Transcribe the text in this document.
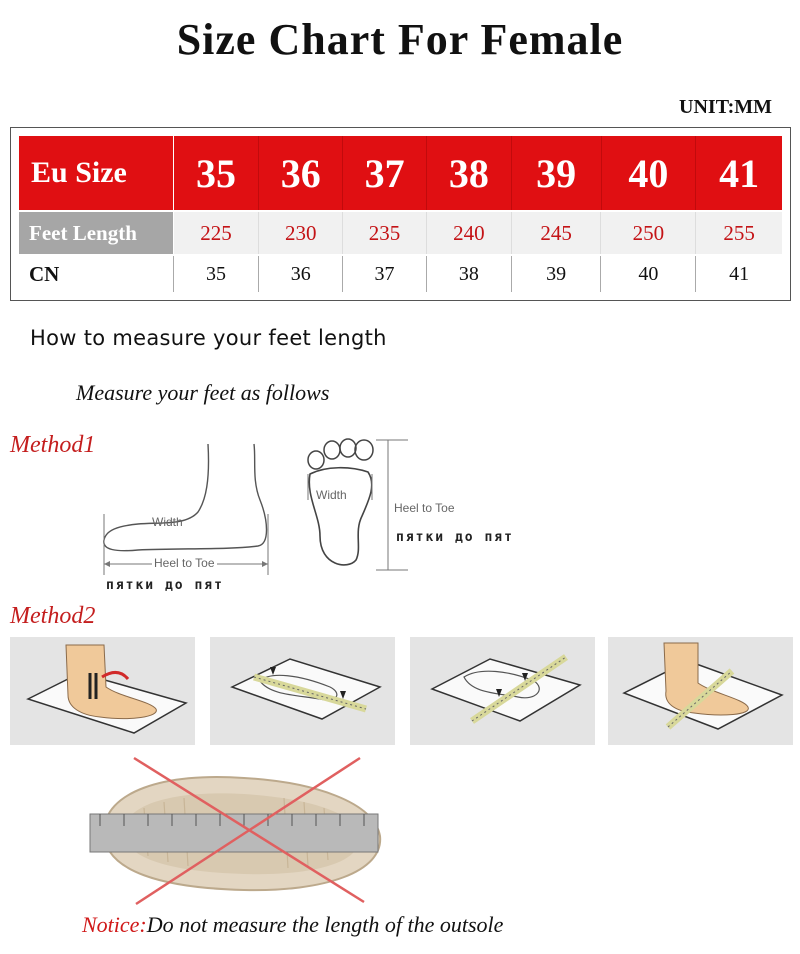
Size Chart For Female
UNIT:MM
Eu Size	35	36	37	38	39	40	41
Feet Length	225	230	235	240	245	250	255
CN	35	36	37	38	39	40	41
How to measure your feet length
Measure your feet as follows
Method1
Width
Heel to Toe
пятки до пят
Width
Heel to Toe
пятки до пят
Method2
Notice:Do not measure the length of the outsole
